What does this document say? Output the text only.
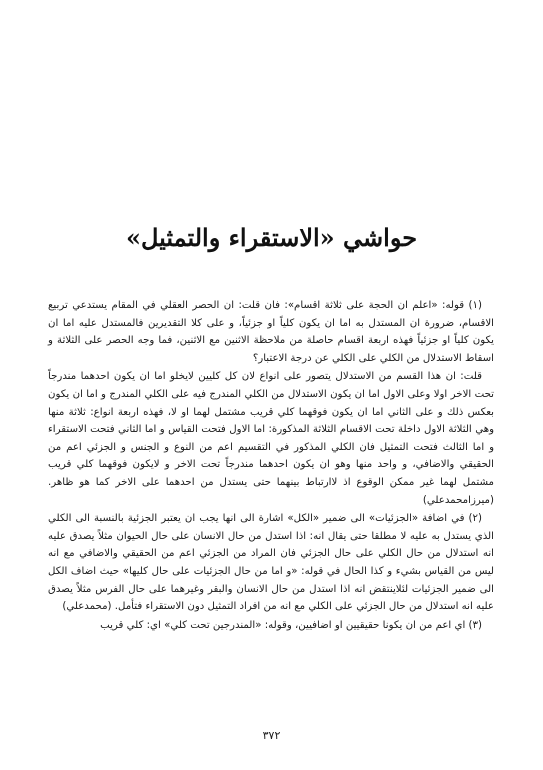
حواشي «الاستقراء والتمثيل»

(١) قوله: «اعلم ان الحجة على ثلاثة اقسام»: فان قلت: ان الحصر العقلي في المقام يستدعي تربيع الاقسام، ضرورة ان المستدل به اما ان يكون كلياً او جزئياً، و على كلا التقديرين فالمستدل عليه اما ان يكون كلياً او جزئياً فهذه اربعة اقسام حاصلة من ملاحظة الاثنين مع الاثنين، فما وجه الحصر على الثلاثة و اسقاط الاستدلال من الكلي على الكلي عن درجة الاعتبار؟

قلت: ان هذا القسم من الاستدلال يتصور على انواع لان كل كليين لايخلو اما ان يكون احدهما مندرجاً تحت الاخر اولا وعلى الاول اما ان يكون الاستدلال من الكلي المندرج فيه على الكلي المندرج و اما ان يكون بعكس ذلك و على الثاني اما ان يكون فوقهما كلي قريب مشتمل لهما او لا، فهذه اربعة انواع: ثلاثة منها وهي الثلاثة الاول داخلة تحت الاقسام الثلاثة المذكورة: اما الاول فتحت القياس و اما الثاني فتحت الاستقراء و اما الثالث فتحت التمثيل فان الكلي المذكور في التقسيم اعم من النوع و الجنس و الجزئي اعم من الحقيقي والاضافي، و واحد منها وهو ان يكون احدهما مندرجاً تحت الاخر و لايكون فوقهما كلي قريب مشتمل لهما غير ممكن الوقوع اذ لاارتباط بينهما حتى يستدل من احدهما على الاخر كما هو ظاهر. (ميرزامحمدعلي)

(٢) في اضافة «الجزئيات» الى ضمير «الكل» اشارة الى انها يجب ان يعتبر الجزئية بالنسبة الى الكلي الذي يستدل به عليه لا مطلقا حتى يقال انه: اذا استدل من حال الانسان على حال الحيوان مثلاً يصدق عليه انه استدلال من حال الكلي على حال الجزئي فان المراد من الجزئي اعم من الحقيقي والاضافي مع انه ليس من القياس بشيء و كذا الحال في قوله: «و اما من حال الجزئيات على حال كليها» حيث اضاف الكل الى ضمير الجزئيات لئلاينتقض انه اذا استدل من حال الانسان والبقر وغيرهما على حال الفرس مثلاً يصدق عليه انه استدلال من حال الجزئي على الكلي مع انه من افراد التمثيل دون الاستقراء فتأمل. (محمدعلي)

(٣) اي اعم من ان يكونا حقيقيين او اضافيين، وقوله: «المندرجين تحت كلي» اي: كلي قريب

٣٧٢
